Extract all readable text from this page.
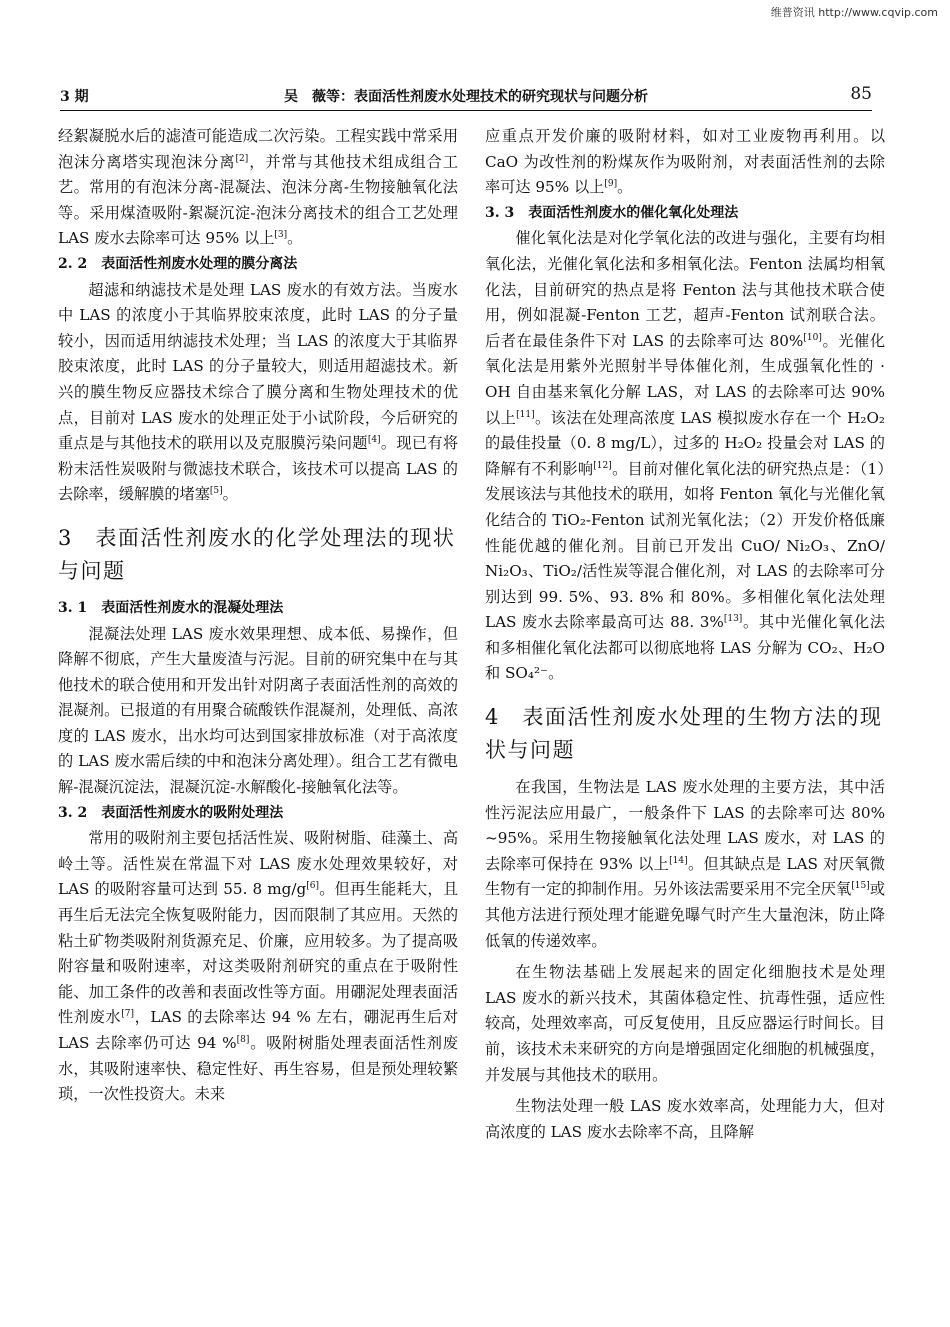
维普资讯 http://www.cqvip.com
3 期	吴　薇等：表面活性剂废水处理技术的研究现状与问题分析	85

经絮凝脱水后的滤渣可能造成二次污染。工程实践中常采用泡沫分离塔实现泡沫分离[2]，并常与其他技术组成组合工艺。常用的有泡沫分离-混凝法、泡沫分离-生物接触氧化法等。采用煤渣吸附-絮凝沉淀-泡沫分离技术的组合工艺处理 LAS 废水去除率可达 95% 以上[3]。

2. 2　表面活性剂废水处理的膜分离法

超滤和纳滤技术是处理 LAS 废水的有效方法。当废水中 LAS 的浓度小于其临界胶束浓度，此时 LAS 的分子量较小，因而适用纳滤技术处理；当 LAS 的浓度大于其临界胶束浓度，此时 LAS 的分子量较大，则适用超滤技术。新兴的膜生物反应器技术综合了膜分离和生物处理技术的优点，目前对 LAS 废水的处理正处于小试阶段，今后研究的重点是与其他技术的联用以及克服膜污染问题[4]。现已有将粉末活性炭吸附与微滤技术联合，该技术可以提高 LAS 的去除率，缓解膜的堵塞[5]。

3　表面活性剂废水的化学处理法的现状与问题
3. 1　表面活性剂废水的混凝处理法

混凝法处理 LAS 废水效果理想、成本低、易操作，但降解不彻底，产生大量废渣与污泥。目前的研究集中在与其他技术的联合使用和开发出针对阴离子表面活性剂的高效的混凝剂。已报道的有用聚合硫酸铁作混凝剂，处理低、高浓度的 LAS 废水，出水均可达到国家排放标准（对于高浓度的 LAS 废水需后续的中和泡沫分离处理）。组合工艺有微电解-混凝沉淀法，混凝沉淀-水解酸化-接触氧化法等。

3. 2　表面活性剂废水的吸附处理法

常用的吸附剂主要包括活性炭、吸附树脂、硅藻土、高岭土等。活性炭在常温下对 LAS 废水处理效果较好，对 LAS 的吸附容量可达到 55. 8 mg/g[6]。但再生能耗大，且再生后无法完全恢复吸附能力，因而限制了其应用。天然的粘土矿物类吸附剂货源充足、价廉，应用较多。为了提高吸附容量和吸附速率，对这类吸附剂研究的重点在于吸附性能、加工条件的改善和表面改性等方面。用硼泥处理表面活性剂废水[7]，LAS 的去除率达 94 % 左右，硼泥再生后对 LAS 去除率仍可达 94 %[8]。吸附树脂处理表面活性剂废水，其吸附速率快、稳定性好、再生容易，但是预处理较繁琐，一次性投资大。未来

应重点开发价廉的吸附材料，如对工业废物再利用。以 CaO 为改性剂的粉煤灰作为吸附剂，对表面活性剂的去除率可达 95% 以上[9]。

3. 3　表面活性剂废水的催化氧化处理法

催化氧化法是对化学氧化法的改进与强化，主要有均相氧化法，光催化氧化法和多相氧化法。Fenton 法属均相氧化法，目前研究的热点是将 Fenton 法与其他技术联合使用，例如混凝-Fenton 工艺，超声-Fenton 试剂联合法。后者在最佳条件下对 LAS 的去除率可达 80%[10]。光催化氧化法是用紫外光照射半导体催化剂，生成强氧化性的 · OH 自由基来氧化分解 LAS，对 LAS 的去除率可达 90% 以上[11]。该法在处理高浓度 LAS 模拟废水存在一个 H₂O₂ 的最佳投量（0. 8 mg/L），过多的 H₂O₂ 投量会对 LAS 的降解有不利影响[12]。目前对催化氧化法的研究热点是：（1）发展该法与其他技术的联用，如将 Fenton 氧化与光催化氧化结合的 TiO₂-Fenton 试剂光氧化法；（2）开发价格低廉性能优越的催化剂。目前已开发出 CuO/ Ni₂O₃、ZnO/ Ni₂O₃、TiO₂/活性炭等混合催化剂，对 LAS 的去除率可分别达到 99. 5%、93. 8% 和 80%。多相催化氧化法处理 LAS 废水去除率最高可达 88. 3%[13]。其中光催化氧化法和多相催化氧化法都可以彻底地将 LAS 分解为 CO₂、H₂O 和 SO₄²⁻。

4　表面活性剂废水处理的生物方法的现状与问题

在我国，生物法是 LAS 废水处理的主要方法，其中活性污泥法应用最广，一般条件下 LAS 的去除率可达 80% ~95%。采用生物接触氧化法处理 LAS 废水，对 LAS 的去除率可保持在 93% 以上[14]。但其缺点是 LAS 对厌氧微生物有一定的抑制作用。另外该法需要采用不完全厌氧[15]或其他方法进行预处理才能避免曝气时产生大量泡沫，防止降低氧的传递效率。

在生物法基础上发展起来的固定化细胞技术是处理 LAS 废水的新兴技术，其菌体稳定性、抗毒性强，适应性较高，处理效率高，可反复使用，且反应器运行时间长。目前，该技术未来研究的方向是增强固定化细胞的机械强度，并发展与其他技术的联用。

生物法处理一般 LAS 废水效率高，处理能力大，但对高浓度的 LAS 废水去除率不高，且降解
